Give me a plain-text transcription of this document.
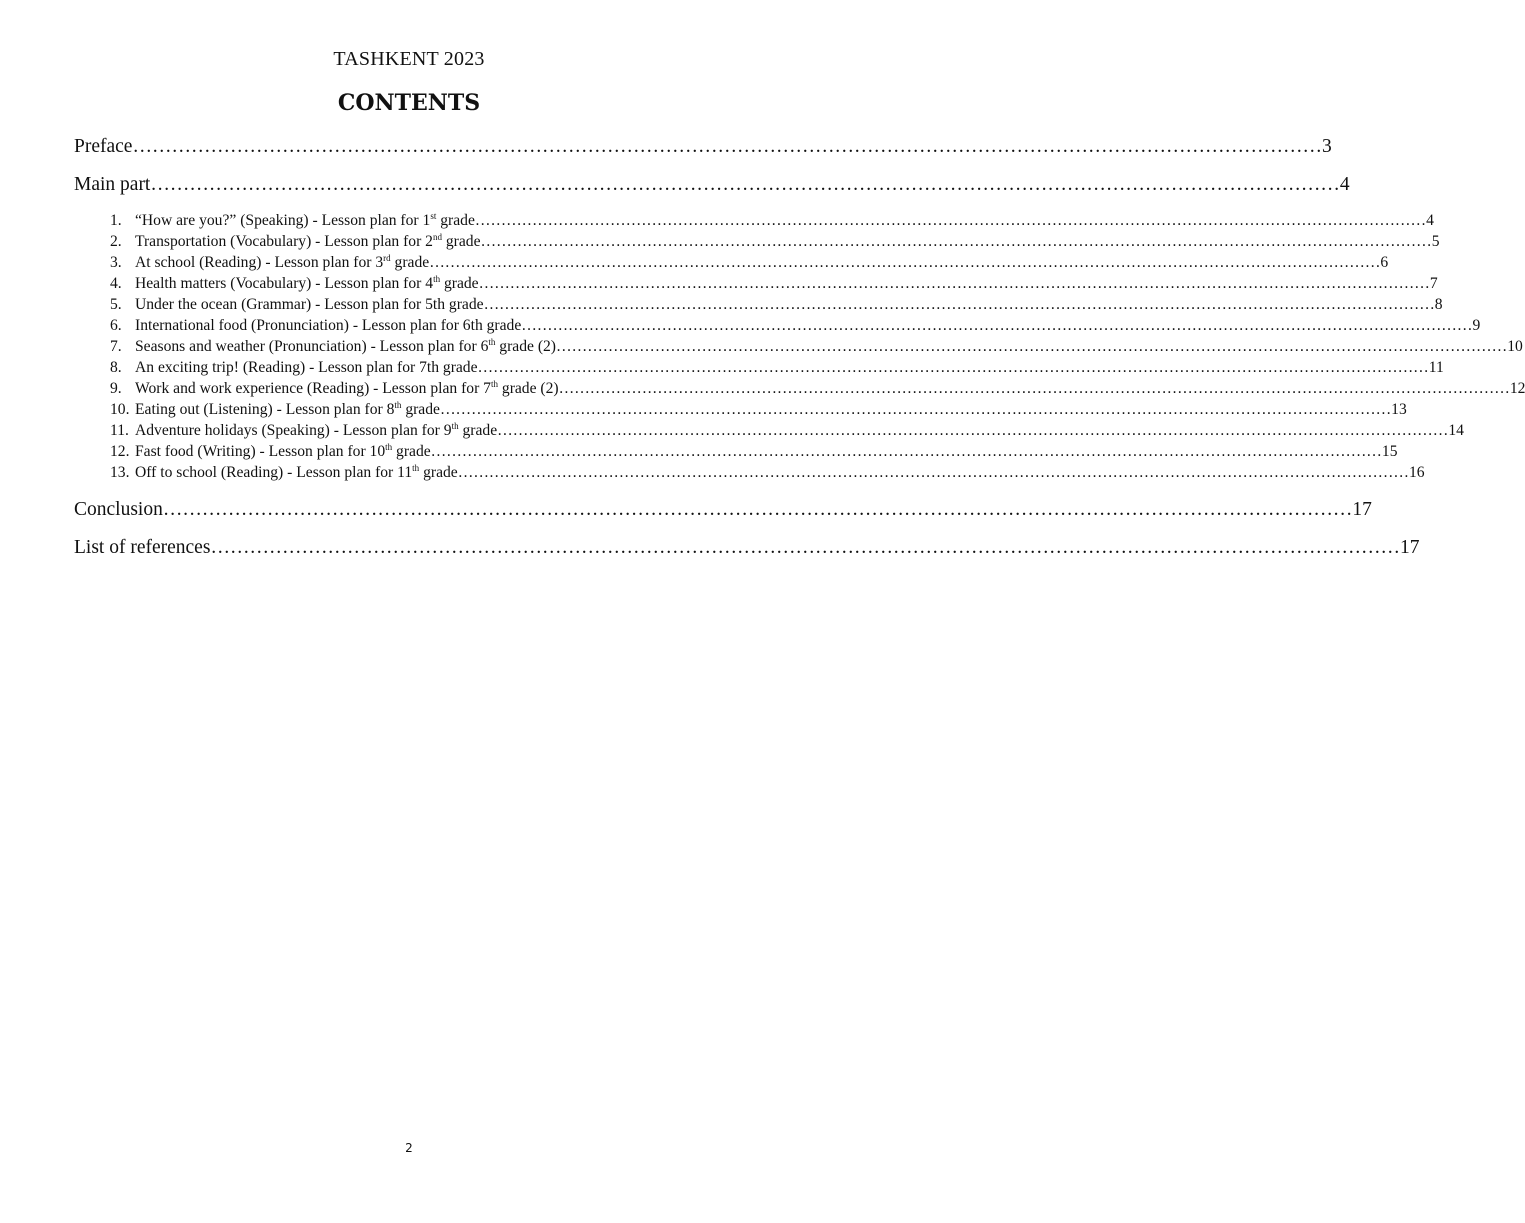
TASHKENT 2023
CONTENTS
Preface ………………………………………………………………………………………………………………………………………………………………… 3
Main part ………………………………………………………………………………………………………………………………………………………………… 4
1. “How are you?” (Speaking) - Lesson plan for 1st grade ………………………………………………………………………………………………………………………………………………………………… 4
2. Transportation (Vocabulary) - Lesson plan for 2nd grade ………………………………………………………………………………………………………………………………………………………………… 5
3. At school (Reading) - Lesson plan for 3rd grade ………………………………………………………………………………………………………………………………………………………………… 6
4. Health matters (Vocabulary) - Lesson plan for 4th grade ………………………………………………………………………………………………………………………………………………………………… 7
5. Under the ocean (Grammar) - Lesson plan for 5th grade ………………………………………………………………………………………………………………………………………………………………… 8
6. International food (Pronunciation) - Lesson plan for 6th grade ………………………………………………………………………………………………………………………………………………………………… 9
7. Seasons and weather (Pronunciation) - Lesson plan for 6th grade (2) ………………………………………………………………………………………………………………………………………………………………… 10
8. An exciting trip! (Reading) - Lesson plan for 7th grade ………………………………………………………………………………………………………………………………………………………………… 11
9. Work and work experience (Reading) - Lesson plan for 7th grade (2) ………………………………………………………………………………………………………………………………………………………………… 12
10. Eating out (Listening) - Lesson plan for 8th grade ………………………………………………………………………………………………………………………………………………………………… 13
11. Adventure holidays (Speaking) - Lesson plan for 9th grade ………………………………………………………………………………………………………………………………………………………………… 14
12. Fast food (Writing) - Lesson plan for 10th grade ………………………………………………………………………………………………………………………………………………………………… 15
13. Off to school (Reading) - Lesson plan for 11th grade ………………………………………………………………………………………………………………………………………………………………… 16
Conclusion ………………………………………………………………………………………………………………………………………………………………… 17
List of references ………………………………………………………………………………………………………………………………………………………………… 17
2
